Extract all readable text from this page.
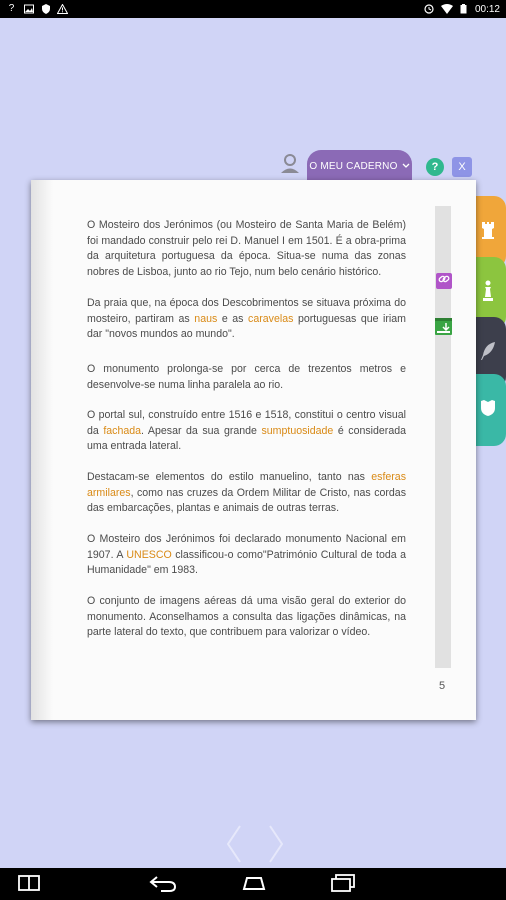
?	00:12
O MEU CADERNO	?	X

O Mosteiro dos Jerónimos (ou Mosteiro de Santa Maria de Belém) foi mandado construir pelo rei D. Manuel I em 1501. É a obra-prima da arquitetura portuguesa da época. Situa-se numa das zonas nobres de Lisboa, junto ao rio Tejo, num belo cenário histórico.

Da praia que, na época dos Descobrimentos se situava próxima do mosteiro, partiram as naus e as caravelas portuguesas que iriam dar "novos mundos ao mundo".

O monumento prolonga-se por cerca de trezentos metros e desenvolve-se numa linha paralela ao rio.

O portal sul, construído entre 1516 e 1518, constitui o centro visual da fachada. Apesar da sua grande sumptuosidade é considerada uma entrada lateral.

Destacam-se elementos do estilo manuelino, tanto nas esferas armilares, como nas cruzes da Ordem Militar de Cristo, nas cordas das embarcações, plantas e animais de outras terras.

O Mosteiro dos Jerónimos foi declarado monumento Nacional em 1907. A UNESCO classificou-o como"Património Cultural de toda a Humanidade" em 1983.

O conjunto de imagens aéreas dá uma visão geral do exterior do monumento. Aconselhamos a consulta das ligações dinâmicas, na parte lateral do texto, que contribuem para valorizar o vídeo.

5
